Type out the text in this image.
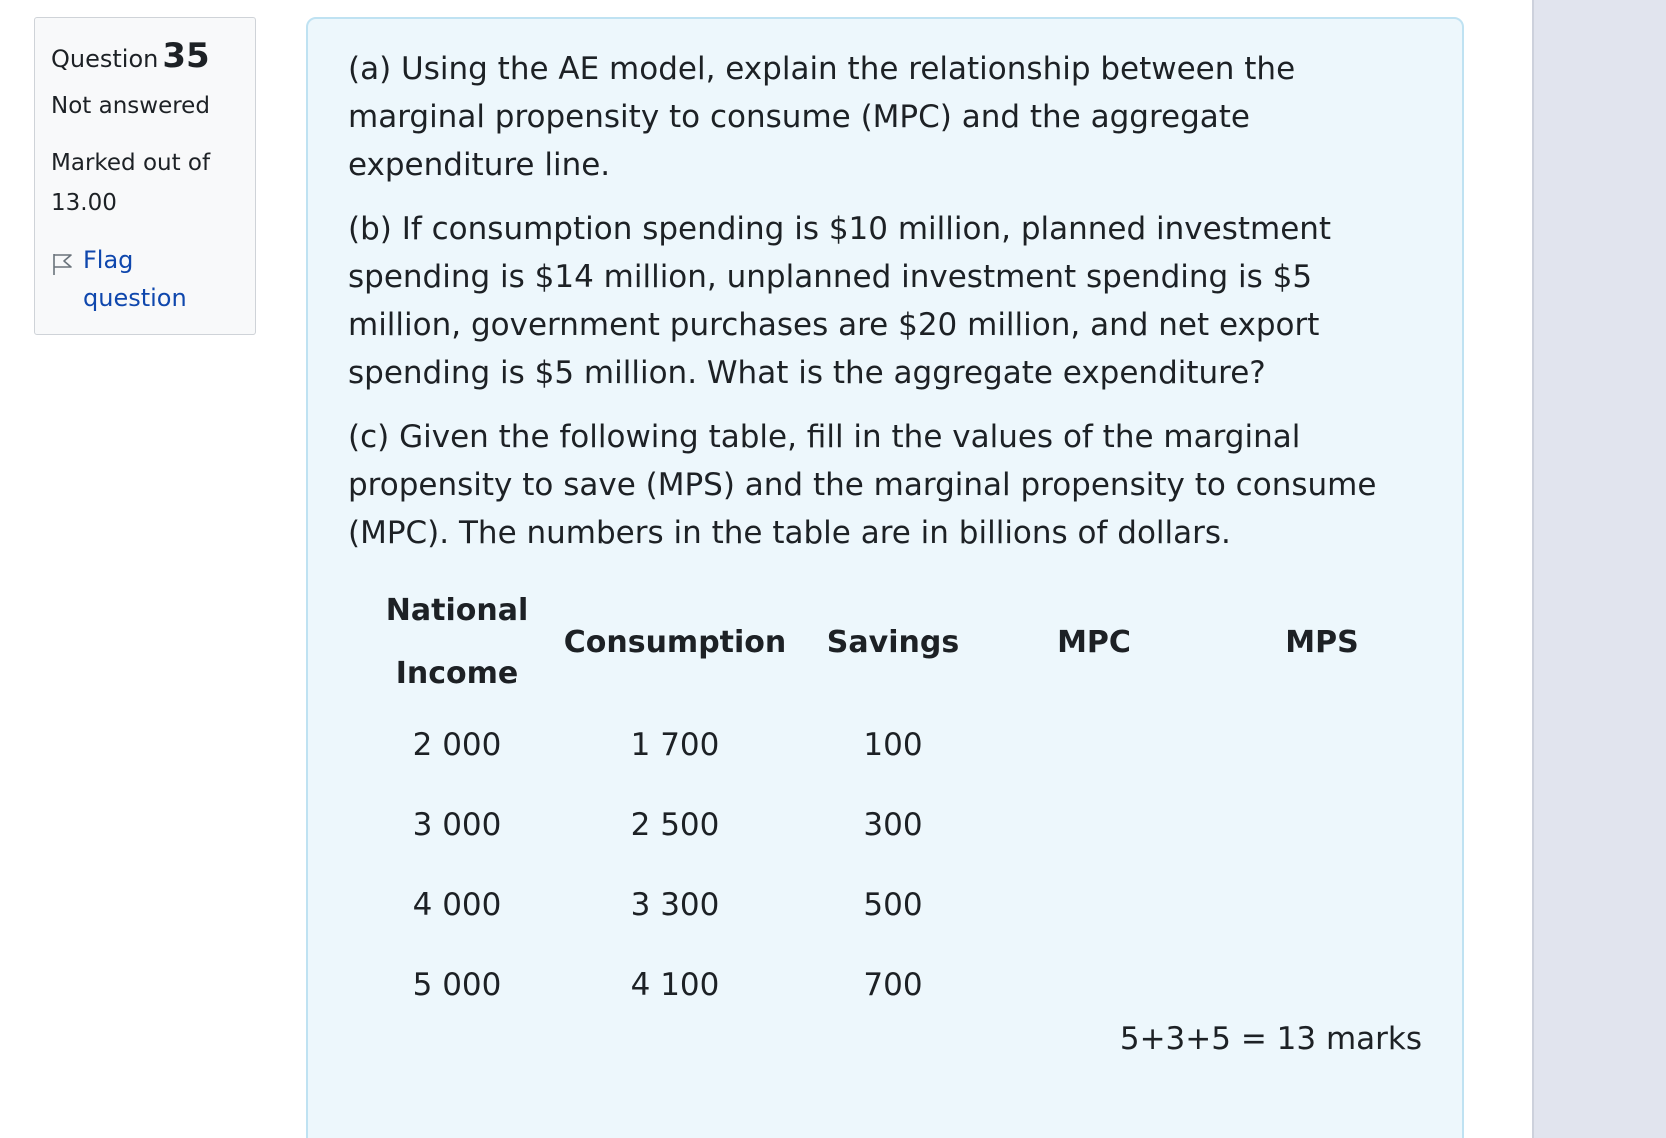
Question 35
Not answered
Marked out of 13.00
Flag question

(a) Using the AE model, explain the relationship between the marginal propensity to consume (MPC) and the aggregate expenditure line.

(b) If consumption spending is $10 million, planned investment spending is $14 million, unplanned investment spending is $5 million, government purchases are $20 million, and net export spending is $5 million. What is the aggregate expenditure?

(c) Given the following table, fill in the values of the marginal propensity to save (MPS) and the marginal propensity to consume (MPC). The numbers in the table are in billions of dollars.

National Income	Consumption	Savings	MPC	MPS
2 000	1 700	100		
3 000	2 500	300		
4 000	3 300	500		
5 000	4 100	700		
5+3+5 = 13 marks
